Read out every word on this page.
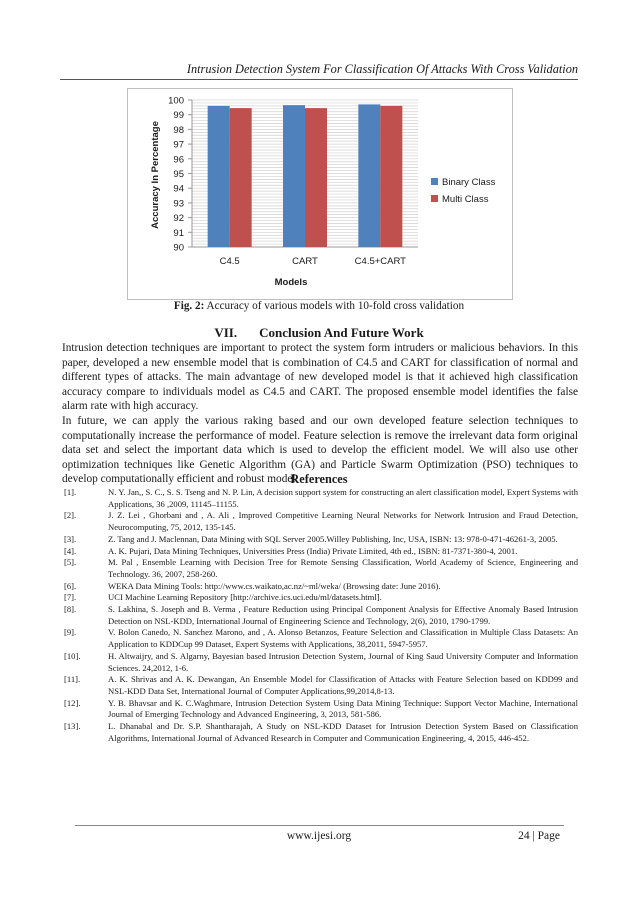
Intrusion Detection System For Classification Of Attacks With Cross Validation
90
91
92
93
94
95
96
97
98
99
100
C4.5	CART	C4.5+CART
Accuracy In Percentage
Models
Binary Class
Multi Class
Fig. 2: Accuracy of various models with 10-fold cross validation
VII. Conclusion And Future Work

Intrusion detection techniques are important to protect the system form intruders or malicious behaviors. In this paper, developed a new ensemble model that is combination of C4.5 and CART for classification of normal and different types of attacks. The main advantage of new developed model is that it achieved high classification accuracy compare to individuals model as C4.5 and CART. The proposed ensemble model identifies the false alarm rate with high accuracy.

In future, we can apply the various raking based and our own developed feature selection techniques to computationally increase the performance of model. Feature selection is remove the irrelevant data form original data set and select the important data which is used to develop the efficient model. We will also use other optimization techniques like Genetic Algorithm (GA) and Particle Swarm Optimization (PSO) techniques to develop computationally efficient and robust model.

References
[1].	N. Y. Jan,, S. C., S. S. Tseng and N. P. Lin, A decision support system for constructing an alert classification model, Expert Systems with Applications, 36 ,2009, 11145–11155.
[2].	J. Z. Lei , Ghorbani and , A. Ali , Improved Competitive Learning Neural Networks for Network Intrusion and Fraud Detection, Neurocomputing, 75, 2012, 135-145.
[3].	Z. Tang and J. Maclennan, Data Mining with SQL Server 2005.Willey Publishing, Inc, USA, ISBN: 13: 978-0-471-46261-3, 2005.
[4].	A. K. Pujari, Data Mining Techniques, Universities Press (India) Private Limited, 4th ed., ISBN: 81-7371-380-4, 2001.
[5].	M. Pal , Ensemble Learning with Decision Tree for Remote Sensing Classification, World Academy of Science, Engineering and Technology. 36, 2007, 258-260.
[6].	WEKA Data Mining Tools: http://www.cs.waikato,ac.nz/~ml/weka/ (Browsing date: June 2016).
[7].	UCI Machine Learning Repository [http://archive.ics.uci.edu/ml/datasets.html].
[8].	S. Lakhina, S. Joseph and B. Verma , Feature Reduction using Principal Component Analysis for Effective Anomaly Based Intrusion Detection on NSL-KDD, International Journal of Engineering Science and Technology, 2(6), 2010, 1790-1799.
[9].	V. Bolon Canedo, N. Sanchez Marono, and , A. Alonso Betanzos, Feature Selection and Classification in Multiple Class Datasets: An Application to KDDCup 99 Dataset, Expert Systems with Applications, 38,2011, 5947-5957.
[10].	H. Altwaijry, and S. Algarny, Bayesian based Intrusion Detection System, Journal of King Saud University Computer and Information Sciences. 24,2012, 1-6.
[11].	A. K. Shrivas and A. K. Dewangan, An Ensemble Model for Classification of Attacks with Feature Selection based on KDD99 and NSL-KDD Data Set, International Journal of Computer Applications,99,2014,8-13.
[12].	Y. B. Bhavsar and K. C.Waghmare, Intrusion Detection System Using Data Mining Technique: Support Vector Machine, International Journal of Emerging Technology and Advanced Engineering, 3, 2013, 581-586.
[13].	L. Dhanabal and Dr. S.P. Shantharajah, A Study on NSL-KDD Dataset for Intrusion Detection System Based on Classification Algorithms, International Journal of Advanced Research in Computer and Communication Engineering, 4, 2015, 446-452.
www.ijesi.org	24 | Page
